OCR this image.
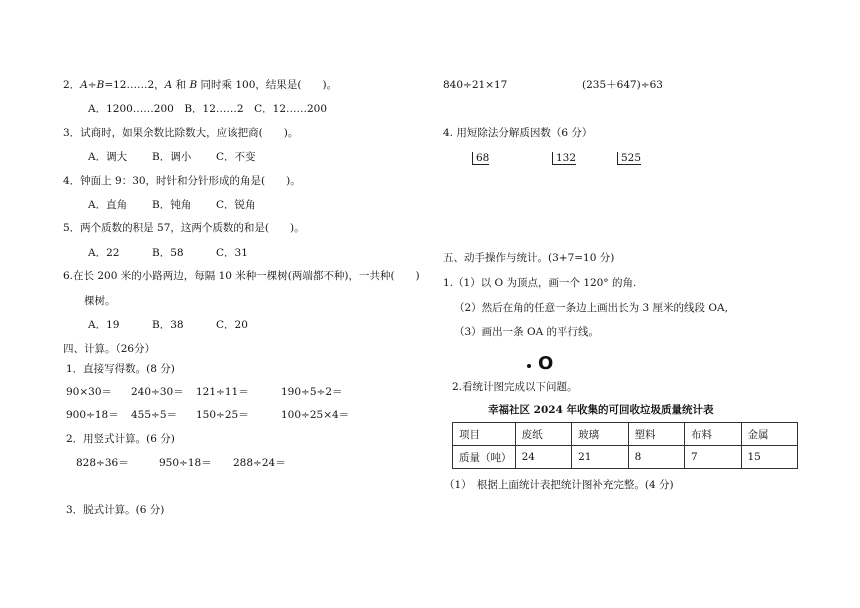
2．A÷B=12……2，A 和 B 同时乘 100，结果是(　　)。
A．1200……200　B．12……2　C．12……200
3．试商时，如果余数比除数大，应该把商(　　)。
A．调大 B．调小 C．不变
4．钟面上 9：30，时针和分针形成的角是(　　)。
A．直角 B．钝角 C．锐角
5．两个质数的积是 57，这两个质数的和是(　　)。
A．22	B．58	C．31
6.在长 200 米的小路两边，每隔 10 米种一棵树(两端都不种)，一共种(　　)
棵树。
A．19	B．38	C．20
四、计算。（26分）
1．直接写得数。(8 分)
90×30＝ 240÷30＝ 121÷11＝	190÷5÷2＝
900÷18＝ 455÷5＝ 150÷25＝	100÷25×4＝
2．用竖式计算。(6 分)
828÷36＝	950÷18＝ 288÷24＝
3．脱式计算。(6 分)
840÷21×17	(235＋647)÷63
4. 用短除法分解质因数（6 分）
68	132	525
五、动手操作与统计。(3+7=10 分)
1.（1）以 O 为顶点，画一个 120° 的角.
（2）然后在角的任意一条边上画出长为 3 厘米的线段 OA,
（3）画出一条 OA 的平行线。
O
2.看统计图完成以下问题。
幸福社区 2024 年收集的可回收垃圾质量统计表
项目	废纸	玻璃	塑料	布料	金属
质量（吨）	24	21	8	7	15
（1）　根据上面统计表把统计图补充完整。(4 分)
